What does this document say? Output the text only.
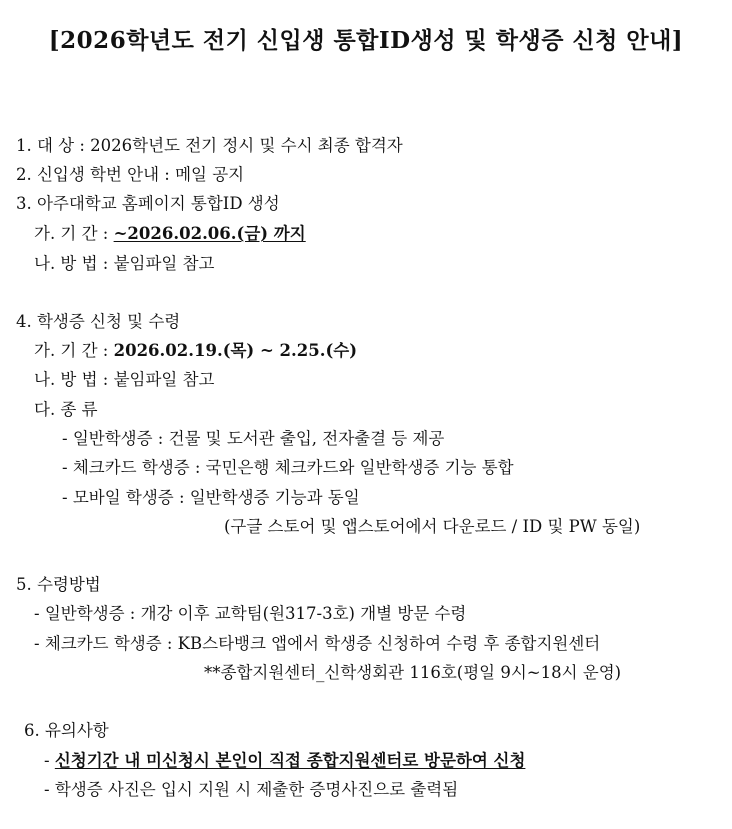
[2026학년도 전기 신입생 통합ID생성 및 학생증 신청 안내]
1. 대 상 : 2026학년도 전기 정시 및 수시 최종 합격자
2. 신입생 학번 안내 : 메일 공지
3. 아주대학교 홈페이지 통합ID 생성
가. 기 간 : ~2026.02.06.(금) 까지
나. 방 법 : 붙임파일 참고
4. 학생증 신청 및 수령
가. 기 간 : 2026.02.19.(목) ~ 2.25.(수)
나. 방 법 : 붙임파일 참고
다. 종 류
- 일반학생증 : 건물 및 도서관 출입, 전자출결 등 제공
- 체크카드 학생증 : 국민은행 체크카드와 일반학생증 기능 통합
- 모바일 학생증 : 일반학생증 기능과 동일
(구글 스토어 및 앱스토어에서 다운로드 / ID 및 PW 동일)
5. 수령방법
- 일반학생증 : 개강 이후 교학팀(원317-3호) 개별 방문 수령
- 체크카드 학생증 : KB스타뱅크 앱에서 학생증 신청하여 수령 후 종합지원센터
**종합지원센터_신학생회관 116호(평일 9시~18시 운영)
6. 유의사항
- 신청기간 내 미신청시 본인이 직접 종합지원센터로 방문하여 신청
- 학생증 사진은 입시 지원 시 제출한 증명사진으로 출력됨
